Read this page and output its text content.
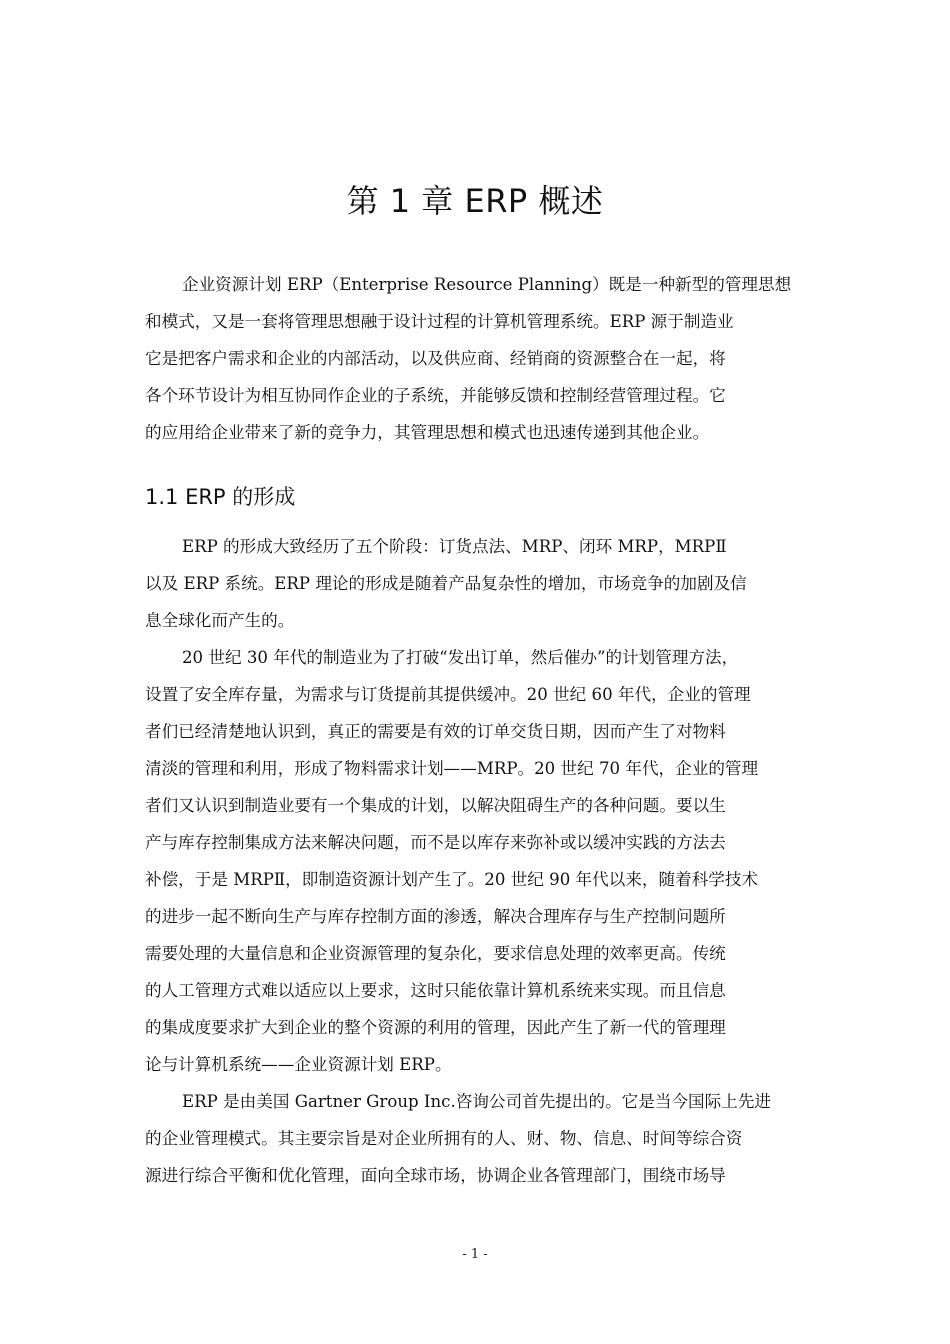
第 1 章 ERP 概述
企业资源计划 ERP（Enterprise Resource Planning）既是一种新型的管理思想
和模式，又是一套将管理思想融于设计过程的计算机管理系统。ERP 源于制造业
它是把客户需求和企业的内部活动，以及供应商、经销商的资源整合在一起，将
各个环节设计为相互协同作企业的子系统，并能够反馈和控制经营管理过程。它
的应用给企业带来了新的竞争力，其管理思想和模式也迅速传递到其他企业。
1.1 ERP 的形成
ERP 的形成大致经历了五个阶段：订货点法、MRP、闭环 MRP，MRPⅡ
以及 ERP 系统。ERP 理论的形成是随着产品复杂性的增加，市场竞争的加剧及信
息全球化而产生的。
20 世纪 30 年代的制造业为了打破“发出订单，然后催办”的计划管理方法，
设置了安全库存量，为需求与订货提前其提供缓冲。20 世纪 60 年代，企业的管理
者们已经清楚地认识到，真正的需要是有效的订单交货日期，因而产生了对物料
清淡的管理和利用，形成了物料需求计划——MRP。20 世纪 70 年代，企业的管理
者们又认识到制造业要有一个集成的计划，以解决阻碍生产的各种问题。要以生
产与库存控制集成方法来解决问题，而不是以库存来弥补或以缓冲实践的方法去
补偿，于是 MRPⅡ，即制造资源计划产生了。20 世纪 90 年代以来，随着科学技术
的进步一起不断向生产与库存控制方面的渗透，解决合理库存与生产控制问题所
需要处理的大量信息和企业资源管理的复杂化，要求信息处理的效率更高。传统
的人工管理方式难以适应以上要求，这时只能依靠计算机系统来实现。而且信息
的集成度要求扩大到企业的整个资源的利用的管理，因此产生了新一代的管理理
论与计算机系统——企业资源计划 ERP。
ERP 是由美国 Gartner Group Inc.咨询公司首先提出的。它是当今国际上先进
的企业管理模式。其主要宗旨是对企业所拥有的人、财、物、信息、时间等综合资
源进行综合平衡和优化管理，面向全球市场，协调企业各管理部门，围绕市场导
- 1 -
